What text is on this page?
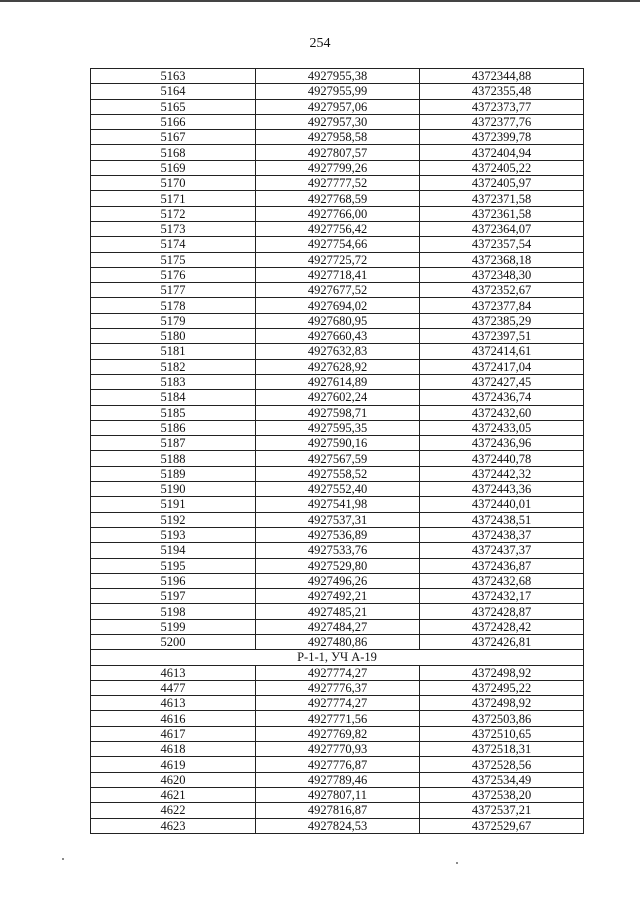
254
5163	4927955,38	4372344,88
5164	4927955,99	4372355,48
5165	4927957,06	4372373,77
5166	4927957,30	4372377,76
5167	4927958,58	4372399,78
5168	4927807,57	4372404,94
5169	4927799,26	4372405,22
5170	4927777,52	4372405,97
5171	4927768,59	4372371,58
5172	4927766,00	4372361,58
5173	4927756,42	4372364,07
5174	4927754,66	4372357,54
5175	4927725,72	4372368,18
5176	4927718,41	4372348,30
5177	4927677,52	4372352,67
5178	4927694,02	4372377,84
5179	4927680,95	4372385,29
5180	4927660,43	4372397,51
5181	4927632,83	4372414,61
5182	4927628,92	4372417,04
5183	4927614,89	4372427,45
5184	4927602,24	4372436,74
5185	4927598,71	4372432,60
5186	4927595,35	4372433,05
5187	4927590,16	4372436,96
5188	4927567,59	4372440,78
5189	4927558,52	4372442,32
5190	4927552,40	4372443,36
5191	4927541,98	4372440,01
5192	4927537,31	4372438,51
5193	4927536,89	4372438,37
5194	4927533,76	4372437,37
5195	4927529,80	4372436,87
5196	4927496,26	4372432,68
5197	4927492,21	4372432,17
5198	4927485,21	4372428,87
5199	4927484,27	4372428,42
5200	4927480,86	4372426,81
Р-1-1, УЧ А-19		
4613	4927774,27	4372498,92
4477	4927776,37	4372495,22
4613	4927774,27	4372498,92
4616	4927771,56	4372503,86
4617	4927769,82	4372510,65
4618	4927770,93	4372518,31
4619	4927776,87	4372528,56
4620	4927789,46	4372534,49
4621	4927807,11	4372538,20
4622	4927816,87	4372537,21
4623	4927824,53	4372529,67
